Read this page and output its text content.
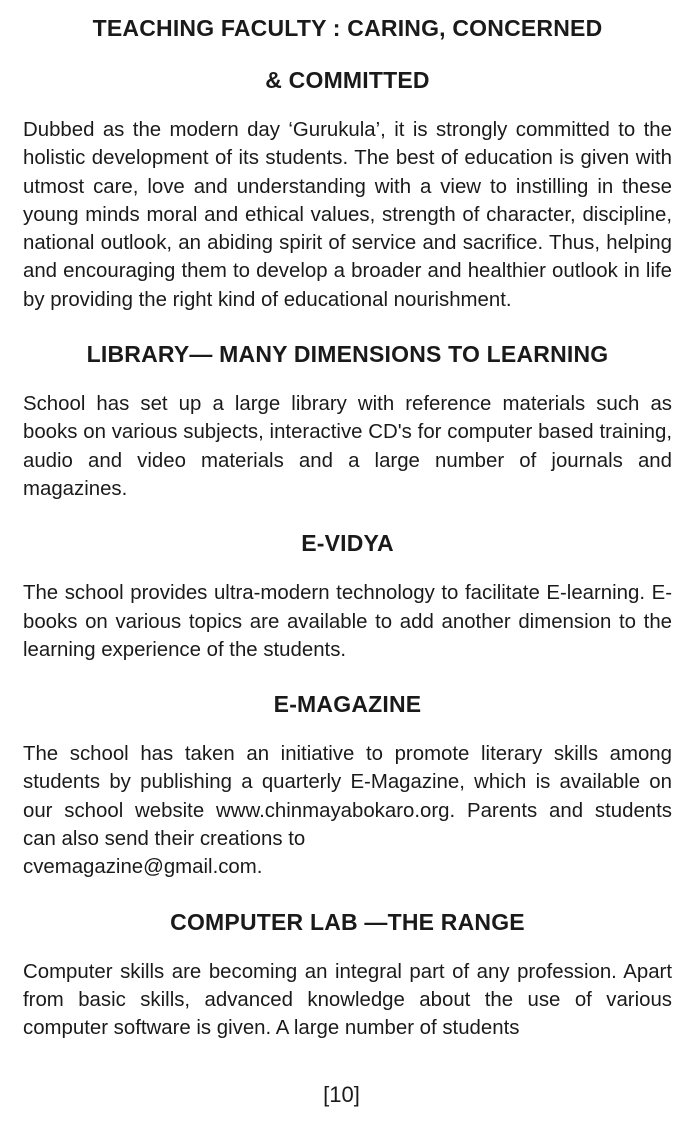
TEACHING FACULTY : CARING, CONCERNED
& COMMITTED

Dubbed as the modern day ‘Gurukula’, it is strongly committed to the holistic development of its students. The best of education is given with utmost care, love and understanding with a view to instilling in these young minds moral and ethical values, strength of character, discipline, national outlook, an abiding spirit of service and sacrifice. Thus, helping and encouraging them to develop a broader and healthier outlook in life by providing the right kind of educational nourishment.

LIBRARY— MANY DIMENSIONS TO LEARNING

School has set up a large library with reference materials such as books on various subjects, interactive CD's for computer based training, audio and video materials and a large number of journals and magazines.

E-VIDYA

The school provides ultra-modern technology to facilitate E-learning. E-books on various topics are available to add another dimension to the learning experience of the students.

E-MAGAZINE

The school has taken an initiative to promote literary skills among students by publishing a quarterly E-Magazine, which is available on our school website www.chinmayabokaro.org. Parents and students can also send their creations to
cvemagazine@gmail.com.

COMPUTER LAB —THE RANGE

Computer skills are becoming an integral part of any profession. Apart from basic skills, advanced knowledge about the use of various computer software is given. A large number of students

[10]
